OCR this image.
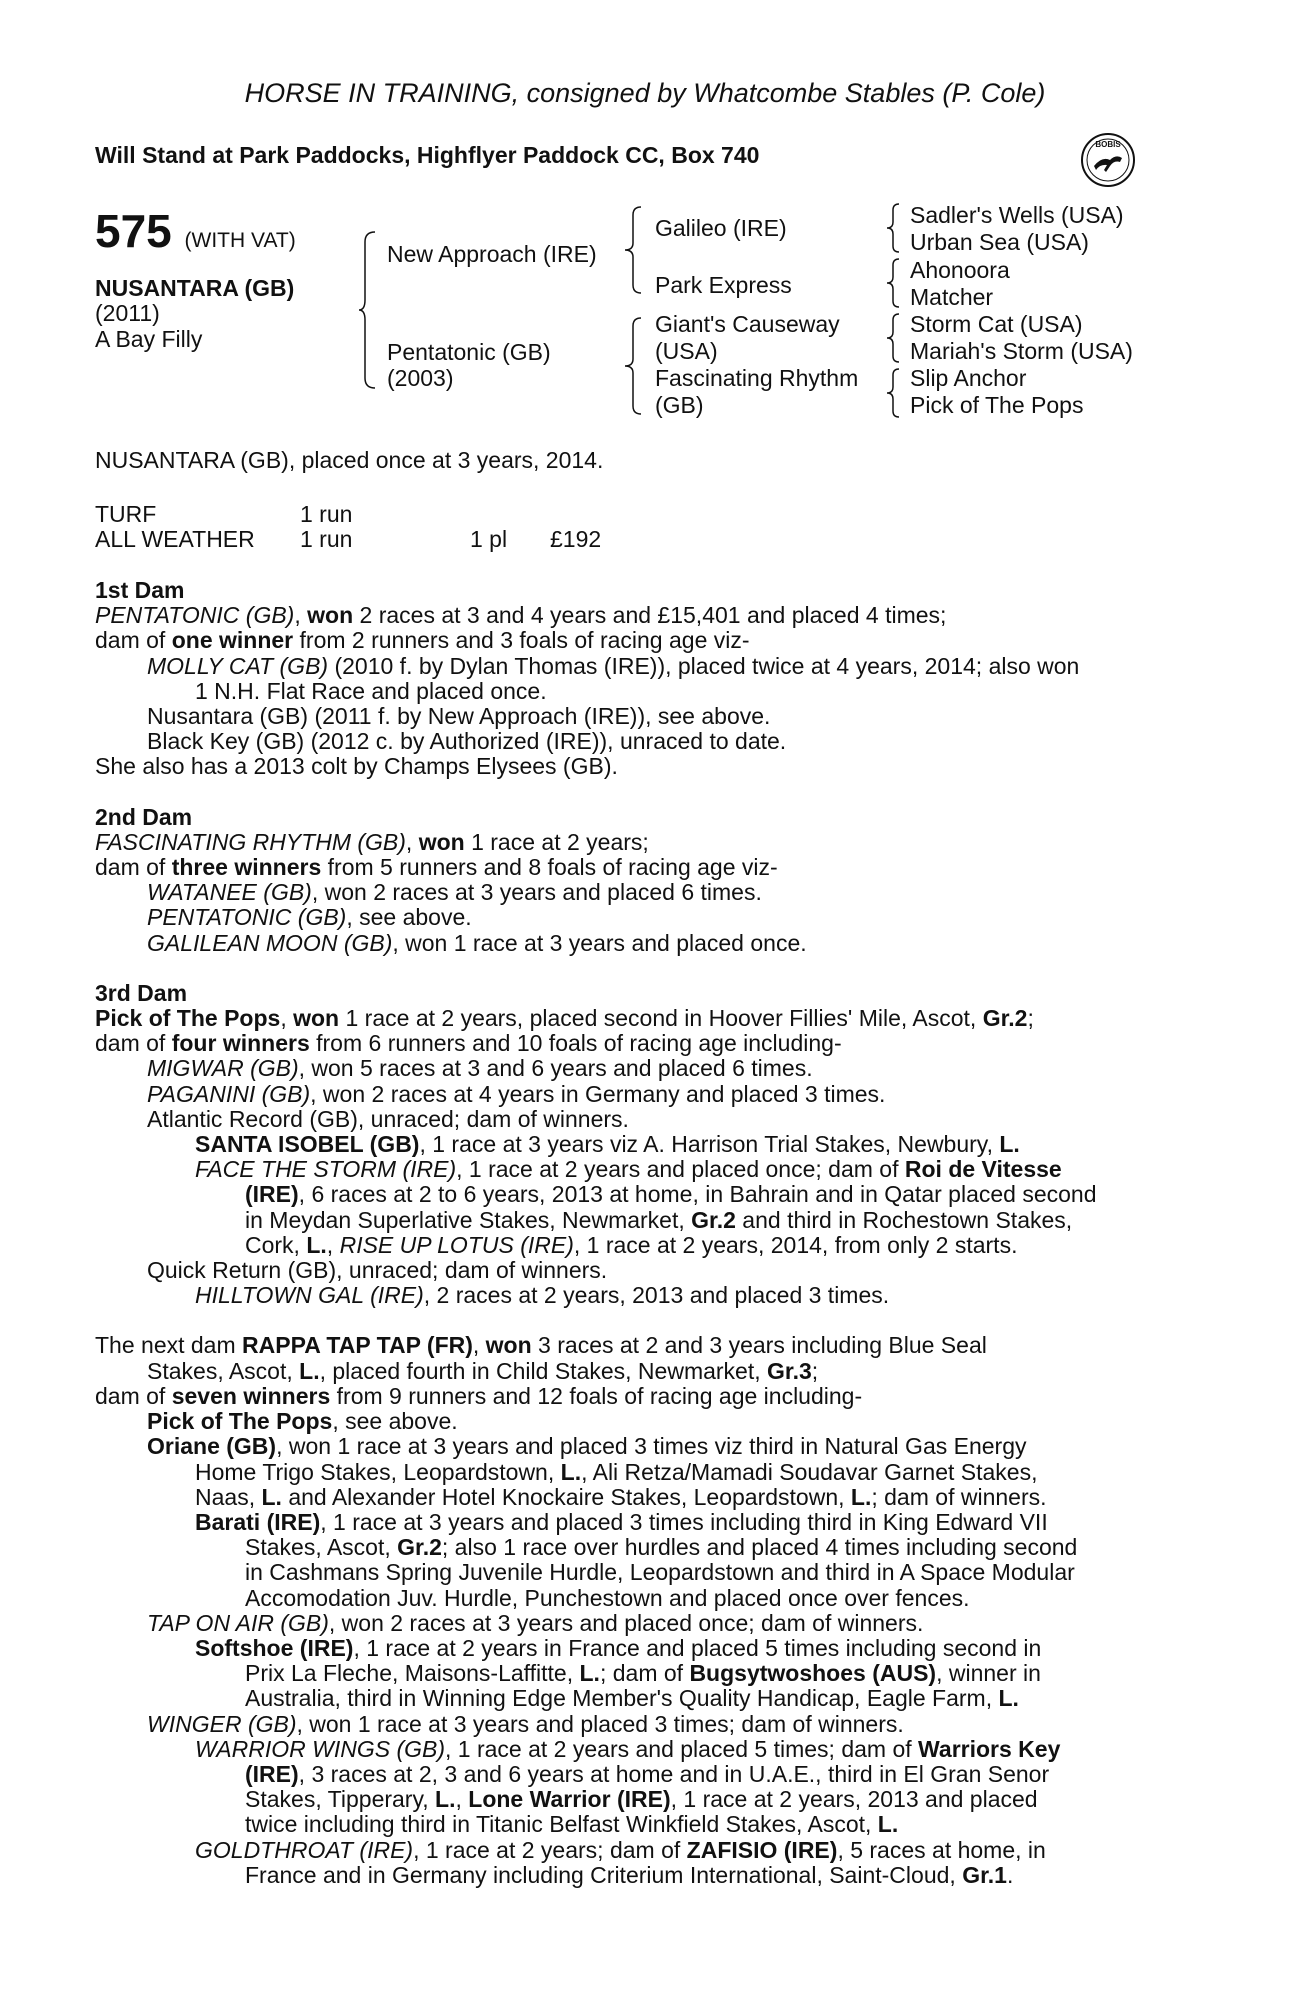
HORSE IN TRAINING, consigned by Whatcombe Stables (P. Cole)
Will Stand at Park Paddocks, Highflyer Paddock CC, Box 740	BOBIS
575 (WITH VAT)
NUSANTARA (GB)
(2011)
A Bay Filly
New Approach (IRE)
Pentatonic (GB)
(2003)
Galileo (IRE)
Park Express
Giant's Causeway
(USA)
Fascinating Rhythm
(GB)
Sadler's Wells (USA)
Urban Sea (USA)
Ahonoora
Matcher
Storm Cat (USA)
Mariah's Storm (USA)
Slip Anchor
Pick of The Pops
NUSANTARA (GB), placed once at 3 years, 2014.
TURF	1 run
ALL WEATHER 1 run	1 pl £192

1st Dam

PENTATONIC (GB), won 2 races at 3 and 4 years and £15,401 and placed 4 times;

dam of one winner from 2 runners and 3 foals of racing age viz-

MOLLY CAT (GB) (2010 f. by Dylan Thomas (IRE)), placed twice at 4 years, 2014; also won

1 N.H. Flat Race and placed once.

Nusantara (GB) (2011 f. by New Approach (IRE)), see above.

Black Key (GB) (2012 c. by Authorized (IRE)), unraced to date.

She also has a 2013 colt by Champs Elysees (GB).

2nd Dam

FASCINATING RHYTHM (GB), won 1 race at 2 years;

dam of three winners from 5 runners and 8 foals of racing age viz-

WATANEE (GB), won 2 races at 3 years and placed 6 times.

PENTATONIC (GB), see above.

GALILEAN MOON (GB), won 1 race at 3 years and placed once.

3rd Dam

Pick of The Pops, won 1 race at 2 years, placed second in Hoover Fillies' Mile, Ascot, Gr.2;

dam of four winners from 6 runners and 10 foals of racing age including-

MIGWAR (GB), won 5 races at 3 and 6 years and placed 6 times.

PAGANINI (GB), won 2 races at 4 years in Germany and placed 3 times.

Atlantic Record (GB), unraced; dam of winners.

SANTA ISOBEL (GB), 1 race at 3 years viz A. Harrison Trial Stakes, Newbury, L.

FACE THE STORM (IRE), 1 race at 2 years and placed once; dam of Roi de Vitesse

(IRE), 6 races at 2 to 6 years, 2013 at home, in Bahrain and in Qatar placed second

in Meydan Superlative Stakes, Newmarket, Gr.2 and third in Rochestown Stakes,

Cork, L., RISE UP LOTUS (IRE), 1 race at 2 years, 2014, from only 2 starts.

Quick Return (GB), unraced; dam of winners.

HILLTOWN GAL (IRE), 2 races at 2 years, 2013 and placed 3 times.

The next dam RAPPA TAP TAP (FR), won 3 races at 2 and 3 years including Blue Seal

Stakes, Ascot, L., placed fourth in Child Stakes, Newmarket, Gr.3;

dam of seven winners from 9 runners and 12 foals of racing age including-

Pick of The Pops, see above.

Oriane (GB), won 1 race at 3 years and placed 3 times viz third in Natural Gas Energy

Home Trigo Stakes, Leopardstown, L., Ali Retza/Mamadi Soudavar Garnet Stakes,

Naas, L. and Alexander Hotel Knockaire Stakes, Leopardstown, L.; dam of winners.

Barati (IRE), 1 race at 3 years and placed 3 times including third in King Edward VII

Stakes, Ascot, Gr.2; also 1 race over hurdles and placed 4 times including second

in Cashmans Spring Juvenile Hurdle, Leopardstown and third in A Space Modular

Accomodation Juv. Hurdle, Punchestown and placed once over fences.

TAP ON AIR (GB), won 2 races at 3 years and placed once; dam of winners.

Softshoe (IRE), 1 race at 2 years in France and placed 5 times including second in

Prix La Fleche, Maisons-Laffitte, L.; dam of Bugsytwoshoes (AUS), winner in

Australia, third in Winning Edge Member's Quality Handicap, Eagle Farm, L.

WINGER (GB), won 1 race at 3 years and placed 3 times; dam of winners.

WARRIOR WINGS (GB), 1 race at 2 years and placed 5 times; dam of Warriors Key

(IRE), 3 races at 2, 3 and 6 years at home and in U.A.E., third in El Gran Senor

Stakes, Tipperary, L., Lone Warrior (IRE), 1 race at 2 years, 2013 and placed

twice including third in Titanic Belfast Winkfield Stakes, Ascot, L.

GOLDTHROAT (IRE), 1 race at 2 years; dam of ZAFISIO (IRE), 5 races at home, in

France and in Germany including Criterium International, Saint-Cloud, Gr.1.
